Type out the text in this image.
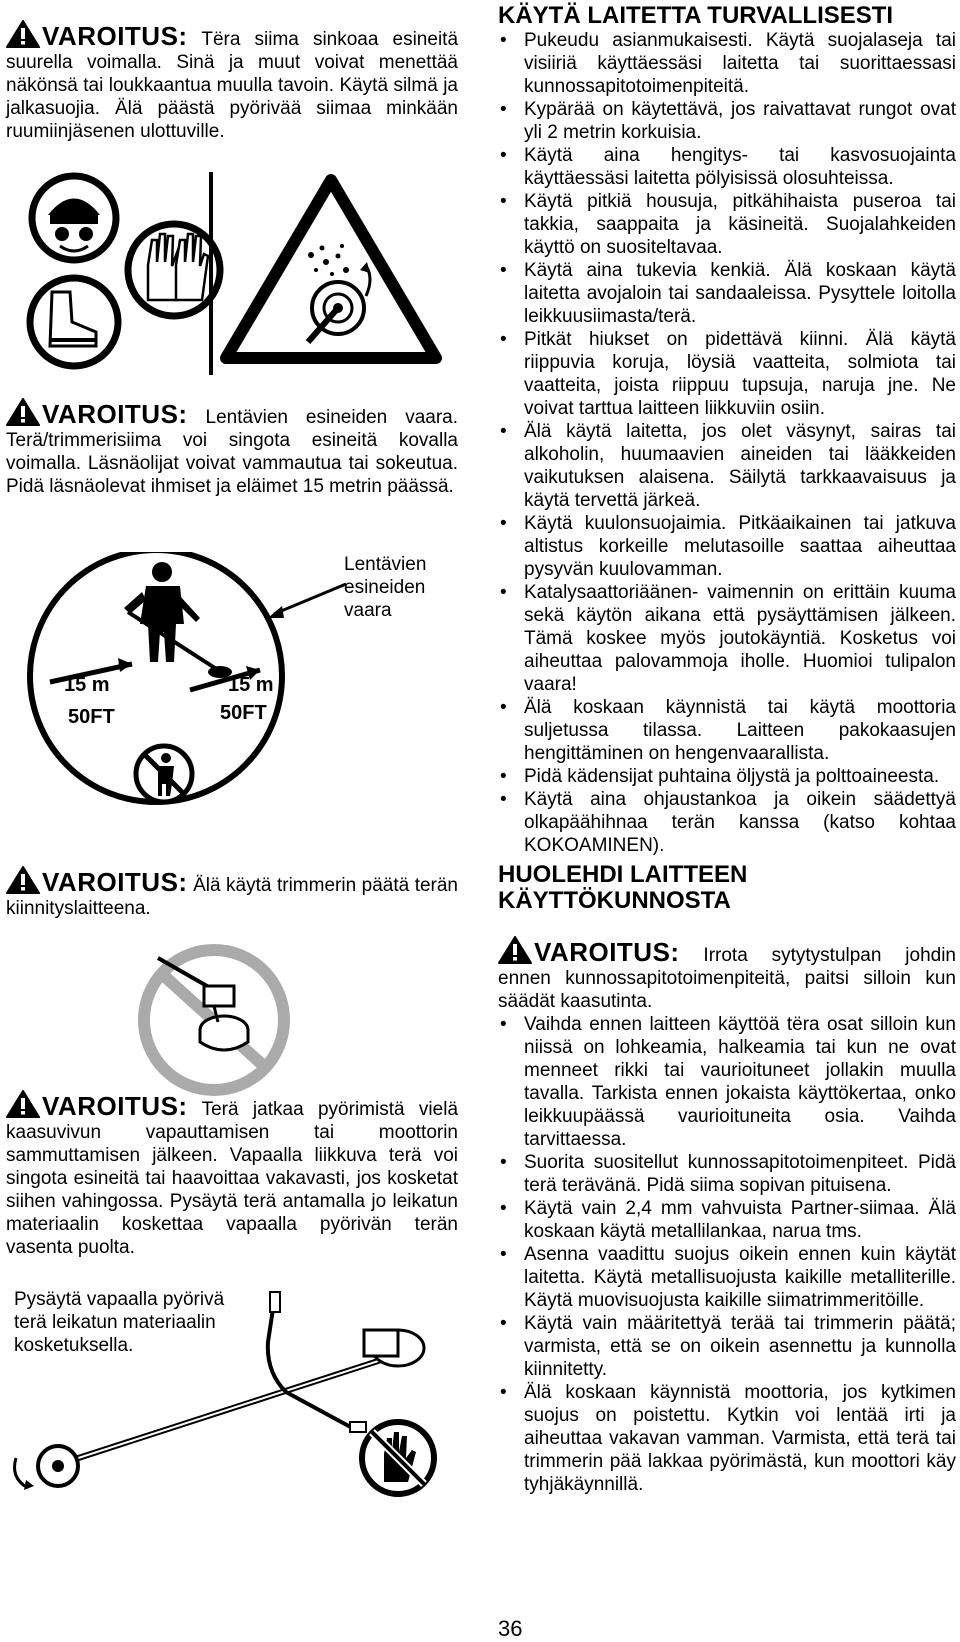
VAROITUS: Tëra siima sinkoaa esineitä suurella voimalla. Sinä ja muut voivat menettää näkönsä tai loukkaantua muulla tavoin. Käytä silmä ja jalkasuojia. Älä päästä pyörivää siimaa minkään ruumiinjäsenen ulottuville.
VAROITUS: Lentävien esineiden vaara. Terä/trimmerisiima voi singota esineitä kovalla voimalla. Läsnäolijat voivat vammautua tai sokeutua. Pidä läsnäolevat ihmiset ja eläimet 15 metrin päässä.
15 m
50FT
15 m
50FT
Lentävien esineiden vaara
VAROITUS: Älä käytä trimmerin päätä terän kiinnityslaitteena.
VAROITUS: Terä jatkaa pyörimistä vielä kaasuvivun vapauttamisen tai moottorin sammuttamisen jälkeen. Vapaalla liikkuva terä voi singota esineitä tai haavoittaa vakavasti, jos kosketat siihen vahingossa. Pysäytä terä antamalla jo leikatun materiaalin koskettaa vapaalla pyörivän terän vasenta puolta.
Pysäytä vapaalla pyörivä terä leikatun materiaalin kosketuksella.
KÄYTÄ LAITETTA TURVALLISESTI
• Pukeudu asianmukaisesti. Käytä suojalaseja tai visiiriä käyttäessäsi laitetta tai suorittaessasi kunnossapitotoimenpiteitä.
• Kypärää on käytettävä, jos raivattavat rungot ovat yli 2 metrin korkuisia.
• Käytä aina hengitys- tai kasvosuojainta käyttäessäsi laitetta pölyisissä olosuhteissa.
• Käytä pitkiä housuja, pitkähihaista puseroa tai takkia, saappaita ja käsineitä. Suojalahkeiden käyttö on suositeltavaa.
• Käytä aina tukevia kenkiä. Älä koskaan käytä laitetta avojaloin tai sandaaleissa. Pysyttele loitolla leikkuusiimasta/terä.
• Pitkät hiukset on pidettävä kiinni. Älä käytä riippuvia koruja, löysiä vaatteita, solmiota tai vaatteita, joista riippuu tupsuja, naruja jne. Ne voivat tarttua laitteen liikkuviin osiin.
• Älä käytä laitetta, jos olet väsynyt, sairas tai alkoholin, huumaavien aineiden tai lääkkeiden vaikutuksen alaisena. Säilytä tarkkaavaisuus ja käytä tervettä järkeä.
• Käytä kuulonsuojaimia. Pitkäaikainen tai jatkuva altistus korkeille melutasoille saattaa aiheuttaa pysyvän kuulovamman.
• Katalysaattoriäänen- vaimennin on erittäin kuuma sekä käytön aikana että pysäyttämisen jälkeen. Tämä koskee myös joutokäyntiä. Kosketus voi aiheuttaa palovammoja iholle. Huomioi tulipalon vaara!
• Älä koskaan käynnistä tai käytä moottoria suljetussa tilassa. Laitteen pakokaasujen hengittäminen on hengenvaarallista.
• Pidä kädensijat puhtaina öljystä ja polttoaineesta.
• Käytä aina ohjaustankoa ja oikein säädettyä olkapäähihnaa terän kanssa (katso kohtaa KOKOAMINEN).
HUOLEHDI LAITTEEN
KÄYTTÖKUNNOSTA
VAROITUS: Irrota sytytystulpan johdin ennen kunnossapitotoimenpiteitä, paitsi silloin kun säädät kaasutinta.
• Vaihda ennen laitteen käyttöä tëra osat silloin kun niissä on lohkeamia, halkeamia tai kun ne ovat menneet rikki tai vaurioituneet jollakin muulla tavalla. Tarkista ennen jokaista käyttökertaa, onko leikkuupäässä vaurioituneita osia. Vaihda tarvittaessa.
• Suorita suositellut kunnossapitotoimenpiteet. Pidä terä terävänä. Pidä siima sopivan pituisena.
• Käytä vain 2,4 mm vahvuista Partner-siimaa. Älä koskaan käytä metallilankaa, narua tms.
• Asenna vaadittu suojus oikein ennen kuin käytät laitetta. Käytä metallisuojusta kaikille metalliterille. Käytä muovisuojusta kaikille siimatrimmeritöille.
• Käytä vain määritettyä terää tai trimmerin päätä; varmista, että se on oikein asennettu ja kunnolla kiinnitetty.
• Älä koskaan käynnistä moottoria, jos kytkimen suojus on poistettu. Kytkin voi lentää irti ja aiheuttaa vakavan vamman. Varmista, että terä tai trimmerin pää lakkaa pyörimästä, kun moottori käy tyhjäkäynnillä.
36
